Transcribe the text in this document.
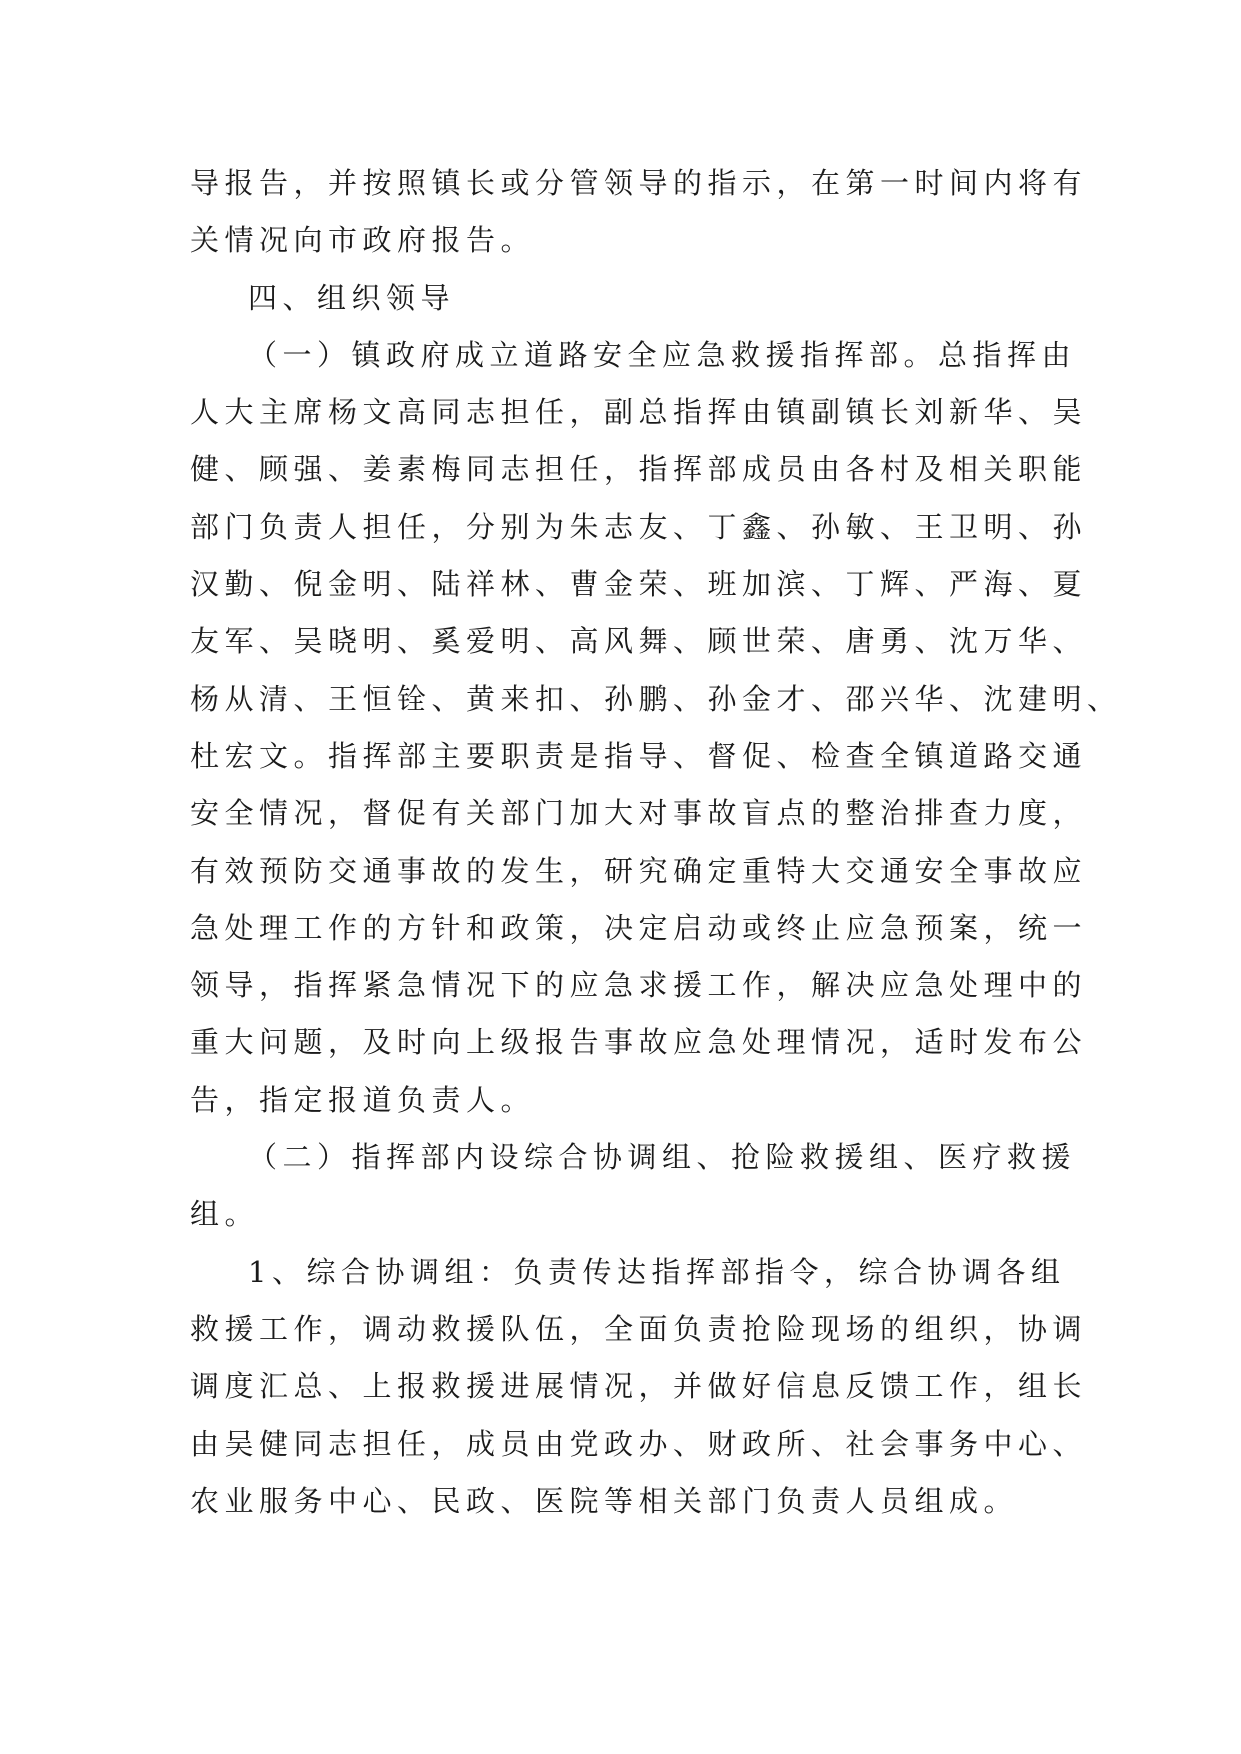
导报告，并按照镇长或分管领导的指示，在第一时间内将有
关情况向市政府报告。
四、组织领导
（一）镇政府成立道路安全应急救援指挥部。总指挥由
人大主席杨文高同志担任，副总指挥由镇副镇长刘新华、吴
健、顾强、姜素梅同志担任，指挥部成员由各村及相关职能
部门负责人担任，分别为朱志友、丁鑫、孙敏、王卫明、孙
汉勤、倪金明、陆祥林、曹金荣、班加滨、丁辉、严海、夏
友军、吴晓明、奚爱明、高风舞、顾世荣、唐勇、沈万华、
杨从清、王恒铨、黄来扣、孙鹏、孙金才、邵兴华、沈建明、
杜宏文。指挥部主要职责是指导、督促、检查全镇道路交通
安全情况，督促有关部门加大对事故盲点的整治排查力度，
有效预防交通事故的发生，研究确定重特大交通安全事故应
急处理工作的方针和政策，决定启动或终止应急预案，统一
领导，指挥紧急情况下的应急求援工作，解决应急处理中的
重大问题，及时向上级报告事故应急处理情况，适时发布公
告，指定报道负责人。
（二）指挥部内设综合协调组、抢险救援组、医疗救援
组。
1、综合协调组：负责传达指挥部指令，综合协调各组
救援工作，调动救援队伍，全面负责抢险现场的组织，协调
调度汇总、上报救援进展情况，并做好信息反馈工作，组长
由吴健同志担任，成员由党政办、财政所、社会事务中心、
农业服务中心、民政、医院等相关部门负责人员组成。
